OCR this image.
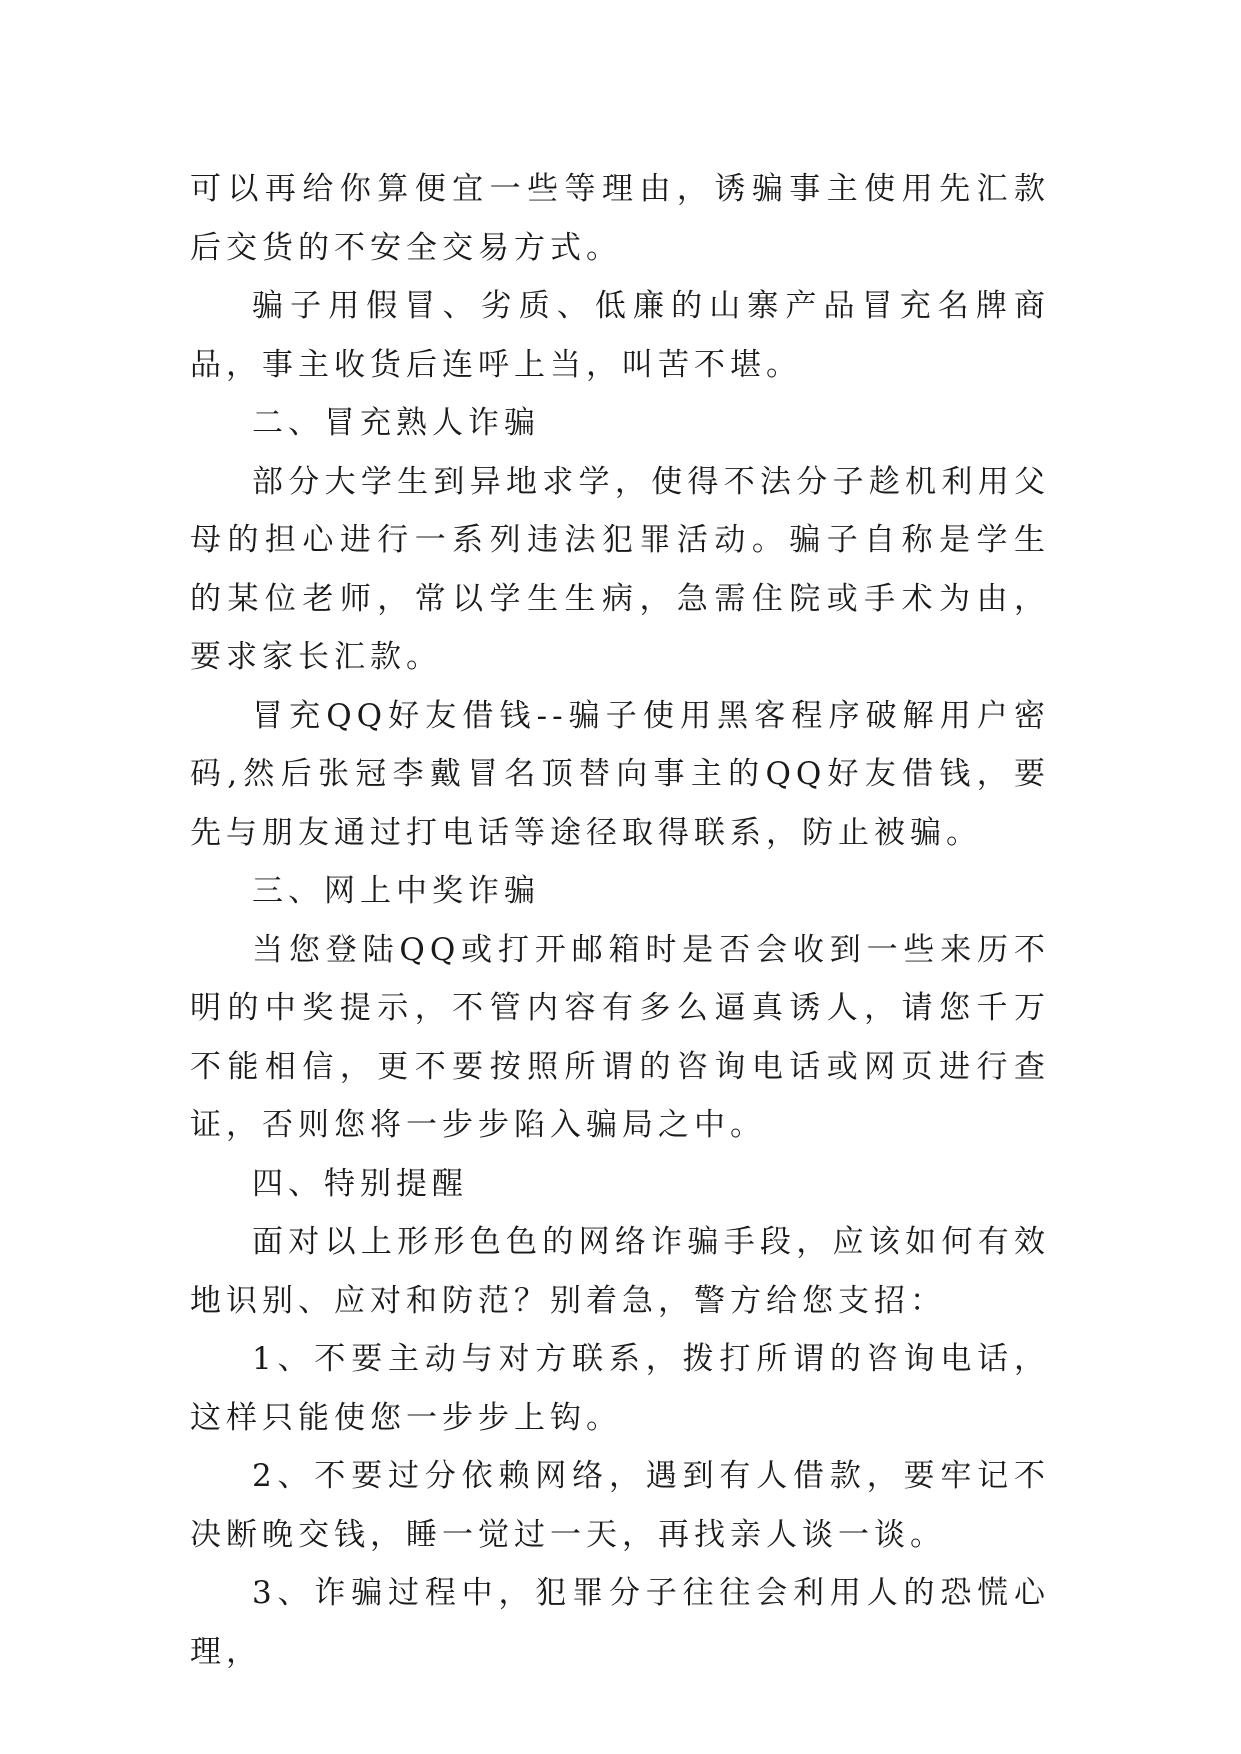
可以再给你算便宜一些等理由，诱骗事主使用先汇款后交货的不安全交易方式。

骗子用假冒、劣质、低廉的山寨产品冒充名牌商品，事主收货后连呼上当，叫苦不堪。

二、冒充熟人诈骗

部分大学生到异地求学，使得不法分子趁机利用父母的担心进行一系列违法犯罪活动。骗子自称是学生的某位老师，常以学生生病，急需住院或手术为由，要求家长汇款。

冒充QQ好友借钱--骗子使用黑客程序破解用户密码,然后张冠李戴冒名顶替向事主的QQ好友借钱，要先与朋友通过打电话等途径取得联系，防止被骗。

三、网上中奖诈骗

当您登陆QQ或打开邮箱时是否会收到一些来历不明的中奖提示，不管内容有多么逼真诱人，请您千万不能相信，更不要按照所谓的咨询电话或网页进行查证，否则您将一步步陷入骗局之中。

四、特别提醒

面对以上形形色色的网络诈骗手段，应该如何有效地识别、应对和防范？别着急，警方给您支招：

1、不要主动与对方联系，拨打所谓的咨询电话，这样只能使您一步步上钩。

2、不要过分依赖网络，遇到有人借款，要牢记不决断晚交钱，睡一觉过一天，再找亲人谈一谈。

3、诈骗过程中，犯罪分子往往会利用人的恐慌心理，
